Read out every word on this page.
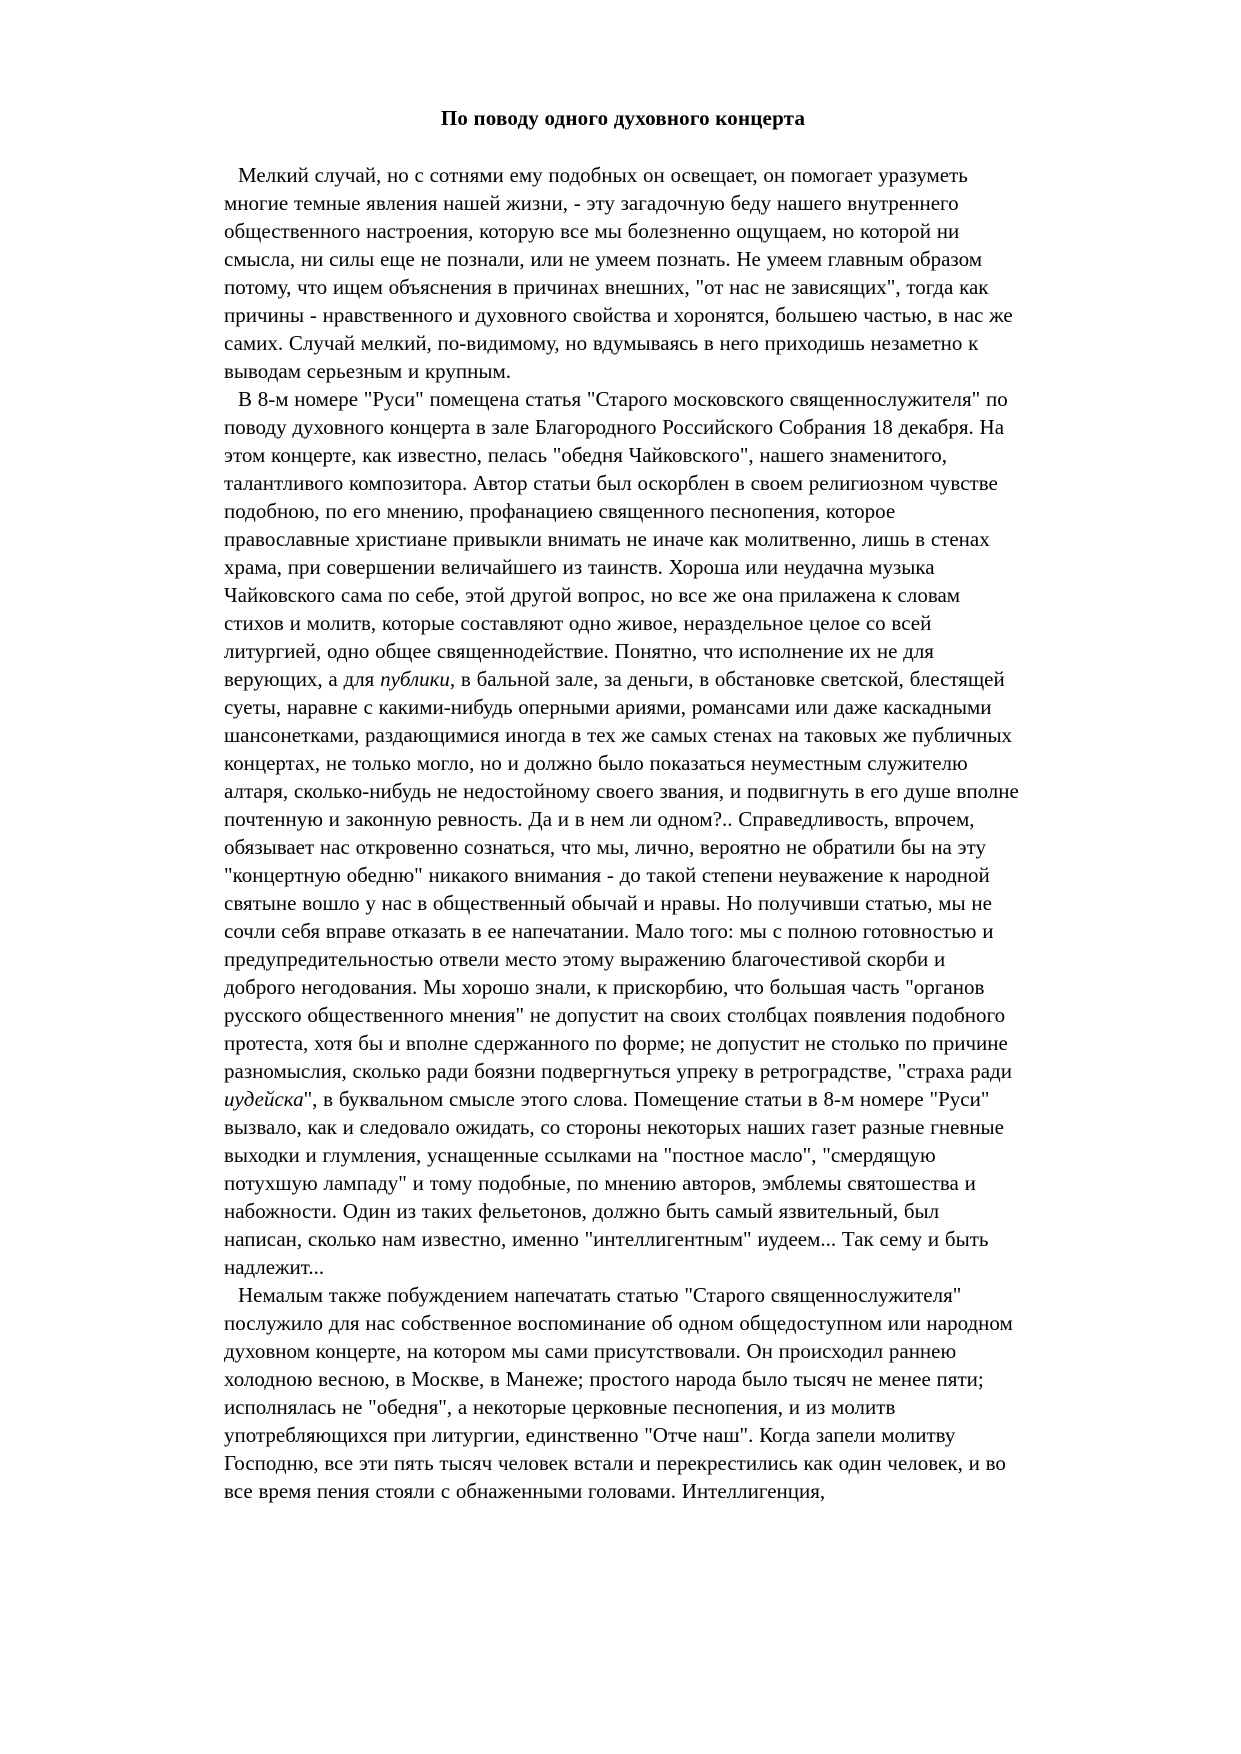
По поводу одного духовного концерта

Мелкий случай, но с сотнями ему подобных он освещает, он помогает уразуметь многие темные явления нашей жизни, - эту загадочную беду нашего внутреннего общественного настроения, которую все мы болезненно ощущаем, но которой ни смысла, ни силы еще не познали, или не умеем познать. Не умеем главным образом потому, что ищем объяснения в причинах внешних, "от нас не зависящих", тогда как причины - нравственного и духовного свойства и хоронятся, большею частью, в нас же самих. Случай мелкий, по-видимому, но вдумываясь в него приходишь незаметно к выводам серьезным и крупным.

В 8-м номере "Руси" помещена статья "Старого московского священнослужителя" по поводу духовного концерта в зале Благородного Российского Собрания 18 декабря. На этом концерте, как известно, пелась "обедня Чайковского", нашего знаменитого, талантливого композитора. Автор статьи был оскорблен в своем религиозном чувстве подобною, по его мнению, профанациею священного песнопения, которое православные христиане привыкли внимать не иначе как молитвенно, лишь в стенах храма, при совершении величайшего из таинств. Хороша или неудачна музыка Чайковского сама по себе, этой другой вопрос, но все же она прилажена к словам стихов и молитв, которые составляют одно живое, нераздельное целое со всей литургией, одно общее священнодействие. Понятно, что исполнение их не для верующих, а для публики, в бальной зале, за деньги, в обстановке светской, блестящей суеты, наравне с какими-нибудь оперными ариями, романсами или даже каскадными шансонетками, раздающимися иногда в тех же самых стенах на таковых же публичных концертах, не только могло, но и должно было показаться неуместным служителю алтаря, сколько-нибудь не недостойному своего звания, и подвигнуть в его душе вполне почтенную и законную ревность. Да и в нем ли одном?.. Справедливость, впрочем, обязывает нас откровенно сознаться, что мы, лично, вероятно не обратили бы на эту "концертную обедню" никакого внимания - до такой степени неуважение к народной святыне вошло у нас в общественный обычай и нравы. Но получивши статью, мы не сочли себя вправе отказать в ее напечатании. Мало того: мы с полною готовностью и предупредительностью отвели место этому выражению благочестивой скорби и доброго негодования. Мы хорошо знали, к прискорбию, что большая часть "органов русского общественного мнения" не допустит на своих столбцах появления подобного протеста, хотя бы и вполне сдержанного по форме; не допустит не столько по причине разномыслия, сколько ради боязни подвергнуться упреку в ретроградстве, "страха ради иудейска", в буквальном смысле этого слова. Помещение статьи в 8-м номере "Руси" вызвало, как и следовало ожидать, со стороны некоторых наших газет разные гневные выходки и глумления, уснащенные ссылками на "постное масло", "смердящую потухшую лампаду" и тому подобные, по мнению авторов, эмблемы святошества и набожности. Один из таких фельетонов, должно быть самый язвительный, был написан, сколько нам известно, именно "интеллигентным" иудеем... Так сему и быть надлежит...

Немалым также побуждением напечатать статью "Старого священнослужителя" послужило для нас собственное воспоминание об одном общедоступном или народном духовном концерте, на котором мы сами присутствовали. Он происходил раннею холодною весною, в Москве, в Манеже; простого народа было тысяч не менее пяти; исполнялась не "обедня", а некоторые церковные песнопения, и из молитв употребляющихся при литургии, единственно "Отче наш". Когда запели молитву Господню, все эти пять тысяч человек встали и перекрестились как один человек, и во все время пения стояли с обнаженными головами. Интеллигенция,
